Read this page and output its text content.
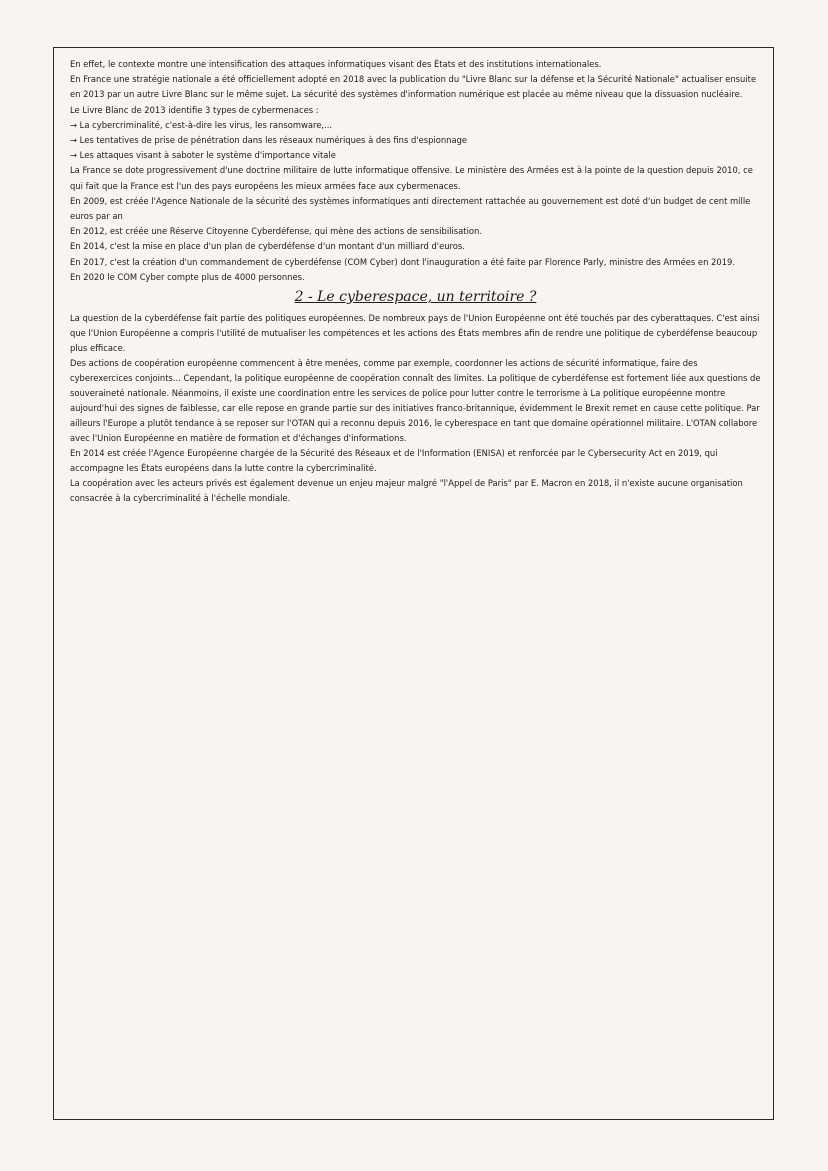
En effet, le contexte montre une intensification des attaques informatiques visant des États et des institutions internationales.

En France une stratégie nationale a été officiellement adopté en 2018 avec la publication du "Livre Blanc sur la défense et la Sécurité Nationale" actualiser ensuite en 2013 par un autre Livre Blanc sur le même sujet. La sécurité des systèmes d'information numérique est placée au même niveau que la dissuasion nucléaire.

Le Livre Blanc de 2013 identifie 3 types de cybermenaces :

→ La cybercriminalité, c'est-à-dire les virus, les ransomware,...

→ Les tentatives de prise de pénétration dans les réseaux numériques à des fins d'espionnage

→ Les attaques visant à saboter le système d'importance vitale

La France se dote progressivement d'une doctrine militaire de lutte informatique offensive. Le ministère des Armées est à la pointe de la question depuis 2010, ce qui fait que la France est l'un des pays européens les mieux armées face aux cybermenaces.

En 2009, est créée l'Agence Nationale de la sécurité des systèmes informatiques anti directement rattachée au gouvernement est doté d'un budget de cent mille euros par an

En 2012, est créée une Réserve Citoyenne Cyberdéfense, qui mène des actions de sensibilisation.

En 2014, c'est la mise en place d'un plan de cyberdéfense d'un montant d'un milliard d'euros.

En 2017, c'est la création d'un commandement de cyberdéfense (COM Cyber) dont l'inauguration a été faite par Florence Parly, ministre des Armées en 2019.

En 2020 le COM Cyber compte plus de 4000 personnes.

2 - Le cyberespace, un territoire ?

La question de la cyberdéfense fait partie des politiques européennes. De nombreux pays de l'Union Européenne ont été touchés par des cyberattaques. C'est ainsi que l'Union Européenne a compris l'utilité de mutualiser les compétences et les actions des États membres afin de rendre une politique de cyberdéfense beaucoup plus efficace.

Des actions de coopération européenne commencent à être menées, comme par exemple, coordonner les actions de sécurité informatique, faire des cyberexercices conjoints... Cependant, la politique européenne de coopération connaît des limites. La politique de cyberdéfense est fortement liée aux questions de souveraineté nationale. Néanmoins, il existe une coordination entre les services de police pour lutter contre le terrorisme à La politique européenne montre aujourd'hui des signes de faiblesse, car elle repose en grande partie sur des initiatives franco-britannique, évidemment le Brexit remet en cause cette politique. Par ailleurs l'Europe a plutôt tendance à se reposer sur l'OTAN qui a reconnu depuis 2016, le cyberespace en tant que domaine opérationnel militaire. L'OTAN collabore avec l'Union Européenne en matière de formation et d'échanges d'informations.

En 2014 est créée l'Agence Européenne chargée de la Sécurité des Réseaux et de l'Information (ENISA) et renforcée par le Cybersecurity Act en 2019, qui accompagne les États européens dans la lutte contre la cybercriminalité.

La coopération avec les acteurs privés est également devenue un enjeu majeur malgré "l'Appel de Paris" par E. Macron en 2018, il n'existe aucune organisation consacrée à la cybercriminalité à l'échelle mondiale.
